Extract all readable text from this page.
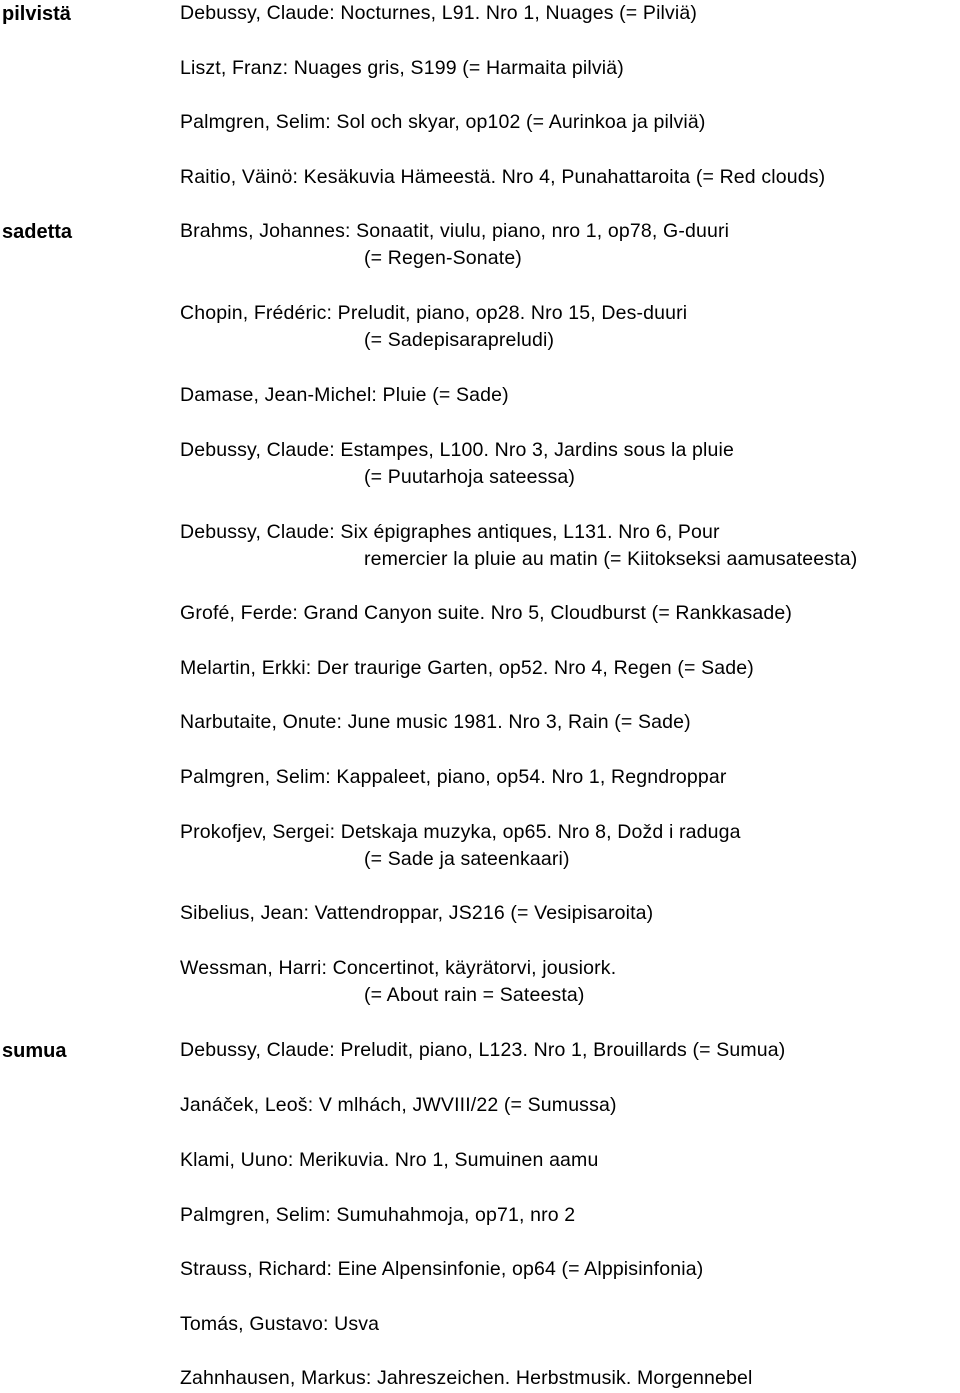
pilvistä	Debussy, Claude: Nocturnes, L91. Nro 1, Nuages (= Pilviä)
Liszt, Franz: Nuages gris, S199 (= Harmaita pilviä)
Palmgren, Selim: Sol och skyar, op102 (= Aurinkoa ja pilviä)
Raitio, Väinö: Kesäkuvia Hämeestä. Nro 4, Punahattaroita (= Red clouds)
sadetta	Brahms, Johannes: Sonaatit, viulu, piano, nro 1, op78, G-duuri
(= Regen-Sonate)
Chopin, Frédéric: Preludit, piano, op28. Nro 15, Des-duuri
(= Sadepisarapreludi)
Damase, Jean-Michel: Pluie (= Sade)
Debussy, Claude: Estampes, L100. Nro 3, Jardins sous la pluie
(= Puutarhoja sateessa)
Debussy, Claude: Six épigraphes antiques, L131. Nro 6, Pour
remercier la pluie au matin (= Kiitokseksi aamusateesta)
Grofé, Ferde: Grand Canyon suite. Nro 5, Cloudburst (= Rankkasade)
Melartin, Erkki: Der traurige Garten, op52. Nro 4, Regen (= Sade)
Narbutaite, Onute: June music 1981. Nro 3, Rain (= Sade)
Palmgren, Selim: Kappaleet, piano, op54. Nro 1, Regndroppar
Prokofjev, Sergei: Detskaja muzyka, op65. Nro 8, Dožd i raduga
(= Sade ja sateenkaari)
Sibelius, Jean: Vattendroppar, JS216 (= Vesipisaroita)
Wessman, Harri: Concertinot, käyrätorvi, jousiork.
(= About rain = Sateesta)
sumua	Debussy, Claude: Preludit, piano, L123. Nro 1, Brouillards (= Sumua)
Janáček, Leoš: V mlhách, JWVIII/22 (= Sumussa)
Klami, Uuno: Merikuvia. Nro 1, Sumuinen aamu
Palmgren, Selim: Sumuhahmoja, op71, nro 2
Strauss, Richard: Eine Alpensinfonie, op64 (= Alppisinfonia)
Tomás, Gustavo: Usva
Zahnhausen, Markus: Jahreszeichen. Herbstmusik. Morgennebel
